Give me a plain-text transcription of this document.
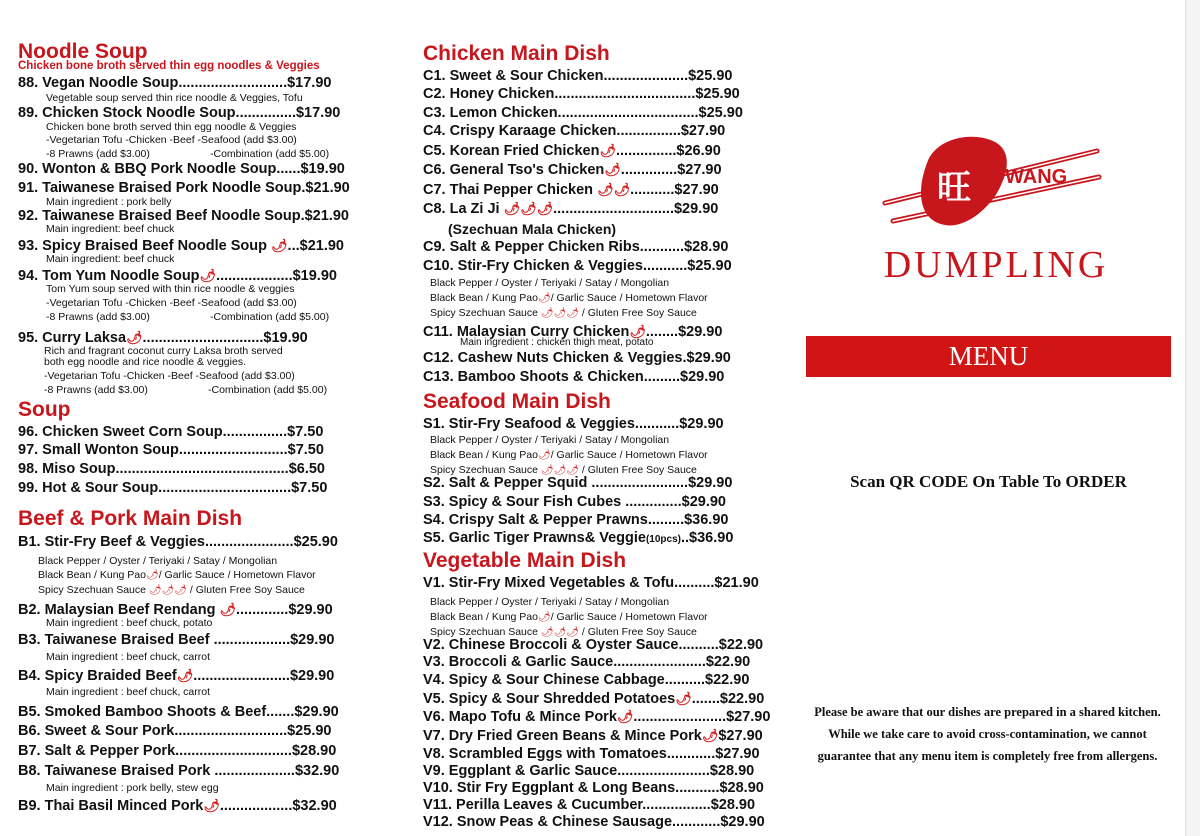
Noodle Soup
Chicken bone broth served thin egg noodles & Veggies
88. Vegan Noodle Soup...........................$17.90
Vegetable soup served thin rice noodle & Veggies, Tofu
89. Chicken Stock Noodle Soup...............$17.90
Chicken bone broth served thin egg noodle & Veggies
-Vegetarian Tofu -Chicken -Beef -Seafood (add $3.00)
-8 Prawns (add $3.00)	-Combination (add $5.00)
90. Wonton & BBQ Pork Noodle Soup......$19.90
91. Taiwanese Braised Pork Noodle Soup.$21.90
Main ingredient : pork belly
92. Taiwanese Braised Beef Noodle Soup.$21.90
Main ingredient: beef chuck
93. Spicy Braised Beef Noodle Soup 🌶...$21.90
Main ingredient: beef chuck
94. Tom Yum Noodle Soup🌶...................$19.90
Tom Yum soup served with thin rice noodle & veggies
-Vegetarian Tofu -Chicken -Beef -Seafood (add $3.00)
-8 Prawns (add $3.00)	-Combination (add $5.00)
95. Curry Laksa🌶..............................$19.90
Rich and fragrant coconut curry Laksa broth served
both egg noodle and rice noodle & veggies.
-Vegetarian Tofu -Chicken -Beef -Seafood (add $3.00)
-8 Prawns (add $3.00)	-Combination (add $5.00)
Soup
96. Chicken Sweet Corn Soup................$7.50
97. Small Wonton Soup...........................$7.50
98. Miso Soup...........................................$6.50
99. Hot & Sour Soup.................................$7.50
Beef & Pork Main Dish
B1. Stir-Fry Beef & Veggies......................$25.90
Black Pepper / Oyster / Teriyaki / Satay / Mongolian
Black Bean / Kung Pao🌶/ Garlic Sauce / Hometown Flavor
Spicy Szechuan Sauce 🌶🌶🌶 / Gluten Free Soy Sauce
B2. Malaysian Beef Rendang 🌶.............$29.90
Main ingredient : beef chuck, potato
B3. Taiwanese Braised Beef ...................$29.90
Main ingredient : beef chuck, carrot
B4. Spicy Braided Beef🌶........................$29.90
Main ingredient : beef chuck, carrot
B5. Smoked Bamboo Shoots & Beef.......$29.90
B6. Sweet & Sour Pork............................$25.90
B7. Salt & Pepper Pork.............................$28.90
B8. Taiwanese Braised Pork ....................$32.90
Main ingredient : pork belly, stew egg
B9. Thai Basil Minced Pork🌶..................$32.90
Chicken Main Dish
C1. Sweet & Sour Chicken.....................$25.90
C2. Honey Chicken...................................$25.90
C3. Lemon Chicken...................................$25.90
C4. Crispy Karaage Chicken................$27.90
C5. Korean Fried Chicken🌶...............$26.90
C6. General Tso's Chicken🌶..............$27.90
C7. Thai Pepper Chicken 🌶🌶...........$27.90
C8. La Zi Ji 🌶🌶🌶..............................$29.90
(Szechuan Mala Chicken)
C9. Salt & Pepper Chicken Ribs...........$28.90
C10. Stir-Fry Chicken & Veggies...........$25.90
Black Pepper / Oyster / Teriyaki / Satay / Mongolian
Black Bean / Kung Pao🌶/ Garlic Sauce / Hometown Flavor
Spicy Szechuan Sauce 🌶🌶🌶 / Gluten Free Soy Sauce
C11. Malaysian Curry Chicken🌶........$29.90
Main ingredient : chicken thigh meat, potato
C12. Cashew Nuts Chicken & Veggies.$29.90
C13. Bamboo Shoots & Chicken.........$29.90
Seafood Main Dish
S1. Stir-Fry Seafood & Veggies...........$29.90
Black Pepper / Oyster / Teriyaki / Satay / Mongolian
Black Bean / Kung Pao🌶/ Garlic Sauce / Hometown Flavor
Spicy Szechuan Sauce 🌶🌶🌶 / Gluten Free Soy Sauce
S2. Salt & Pepper Squid ........................$29.90
S3. Spicy & Sour Fish Cubes ..............$29.90
S4. Crispy Salt & Pepper Prawns.........$36.90
S5. Garlic Tiger Prawns& Veggie(10pcs)..$36.90
Vegetable Main Dish
V1. Stir-Fry Mixed Vegetables & Tofu..........$21.90
Black Pepper / Oyster / Teriyaki / Satay / Mongolian
Black Bean / Kung Pao🌶/ Garlic Sauce / Hometown Flavor
Spicy Szechuan Sauce 🌶🌶🌶 / Gluten Free Soy Sauce
V2. Chinese Broccoli & Oyster Sauce..........$22.90
V3. Broccoli & Garlic Sauce.......................$22.90
V4. Spicy & Sour Chinese Cabbage..........$22.90
V5. Spicy & Sour Shredded Potatoes🌶.......$22.90
V6. Mapo Tofu & Mince Pork🌶.......................$27.90
V7. Dry Fried Green Beans & Mince Pork🌶$27.90
V8. Scrambled Eggs with Tomatoes............$27.90
V9. Eggplant & Garlic Sauce.......................$28.90
V10. Stir Fry Eggplant & Long Beans...........$28.90
V11. Perilla Leaves & Cucumber.................$28.90
V12. Snow Peas & Chinese Sausage............$29.90
旺 WANG
DUMPLING
MENU
Scan QR CODE On Table To ORDER
Please be aware that our dishes are prepared in a shared kitchen. While we take care to avoid cross-contamination, we cannot guarantee that any menu item is completely free from allergens.
